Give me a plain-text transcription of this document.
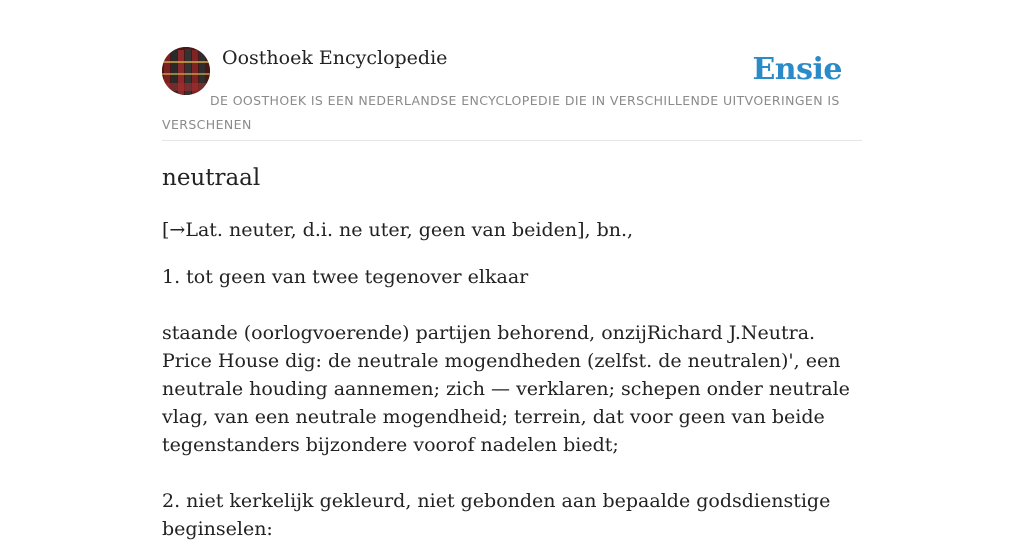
Oosthoek Encyclopedie	Ensie
DE OOSTHOEK IS EEN NEDERLANDSE ENCYCLOPEDIE DIE IN VERSCHILLENDE UITVOERINGEN IS VERSCHENEN
neutraal

[→Lat. neuter, d.i. ne uter, geen van beiden], bn.,

1. tot geen van twee tegenover elkaar

staande (oorlogvoerende) partijen behorend, onzijRichard J.Neutra. Price House dig: de neutrale mogendheden (zelfst. de neutralen)', een neutrale houding aannemen; zich — verklaren; schepen onder neutrale vlag, van een neutrale mogendheid; terrein, dat voor geen van beide tegenstanders bijzondere voorof nadelen biedt;

2. niet kerkelijk gekleurd, niet gebonden aan bepaalde godsdienstige beginselen:
